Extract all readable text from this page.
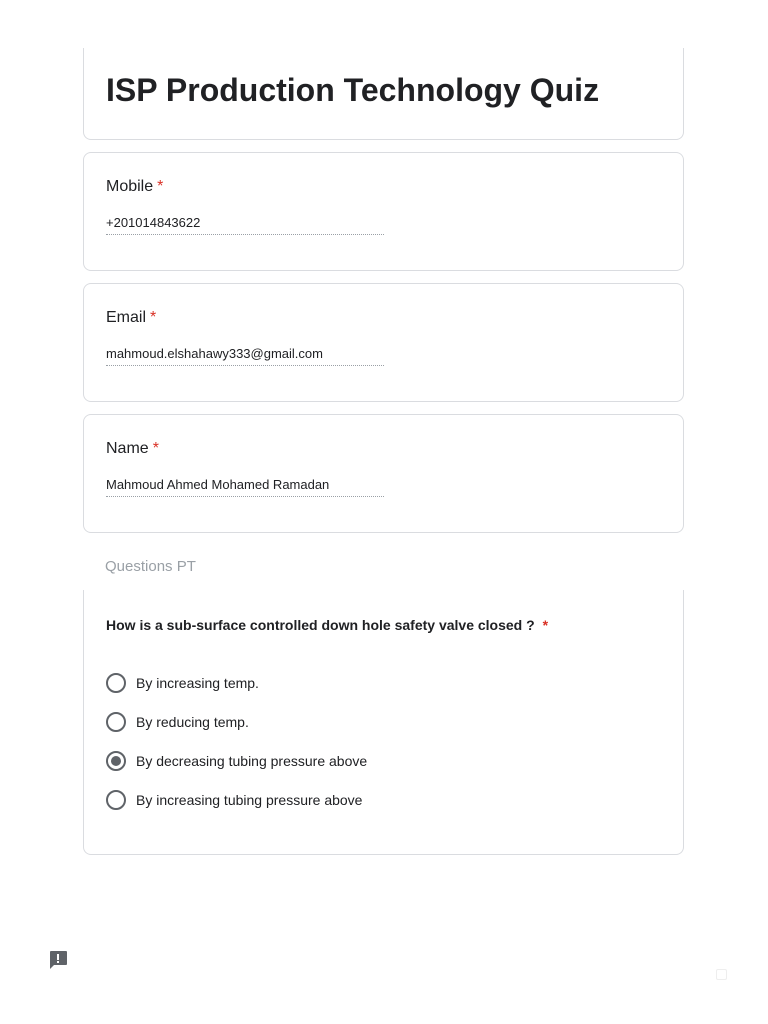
ISP Production Technology Quiz
Mobile *
+201014843622
Email *
mahmoud.elshahawy333@gmail.com
Name *
Mahmoud Ahmed Mohamed Ramadan
Questions PT
How is a sub-surface controlled down hole safety valve closed ? *
By increasing temp.
By reducing temp.
By decreasing tubing pressure above
By increasing tubing pressure above
